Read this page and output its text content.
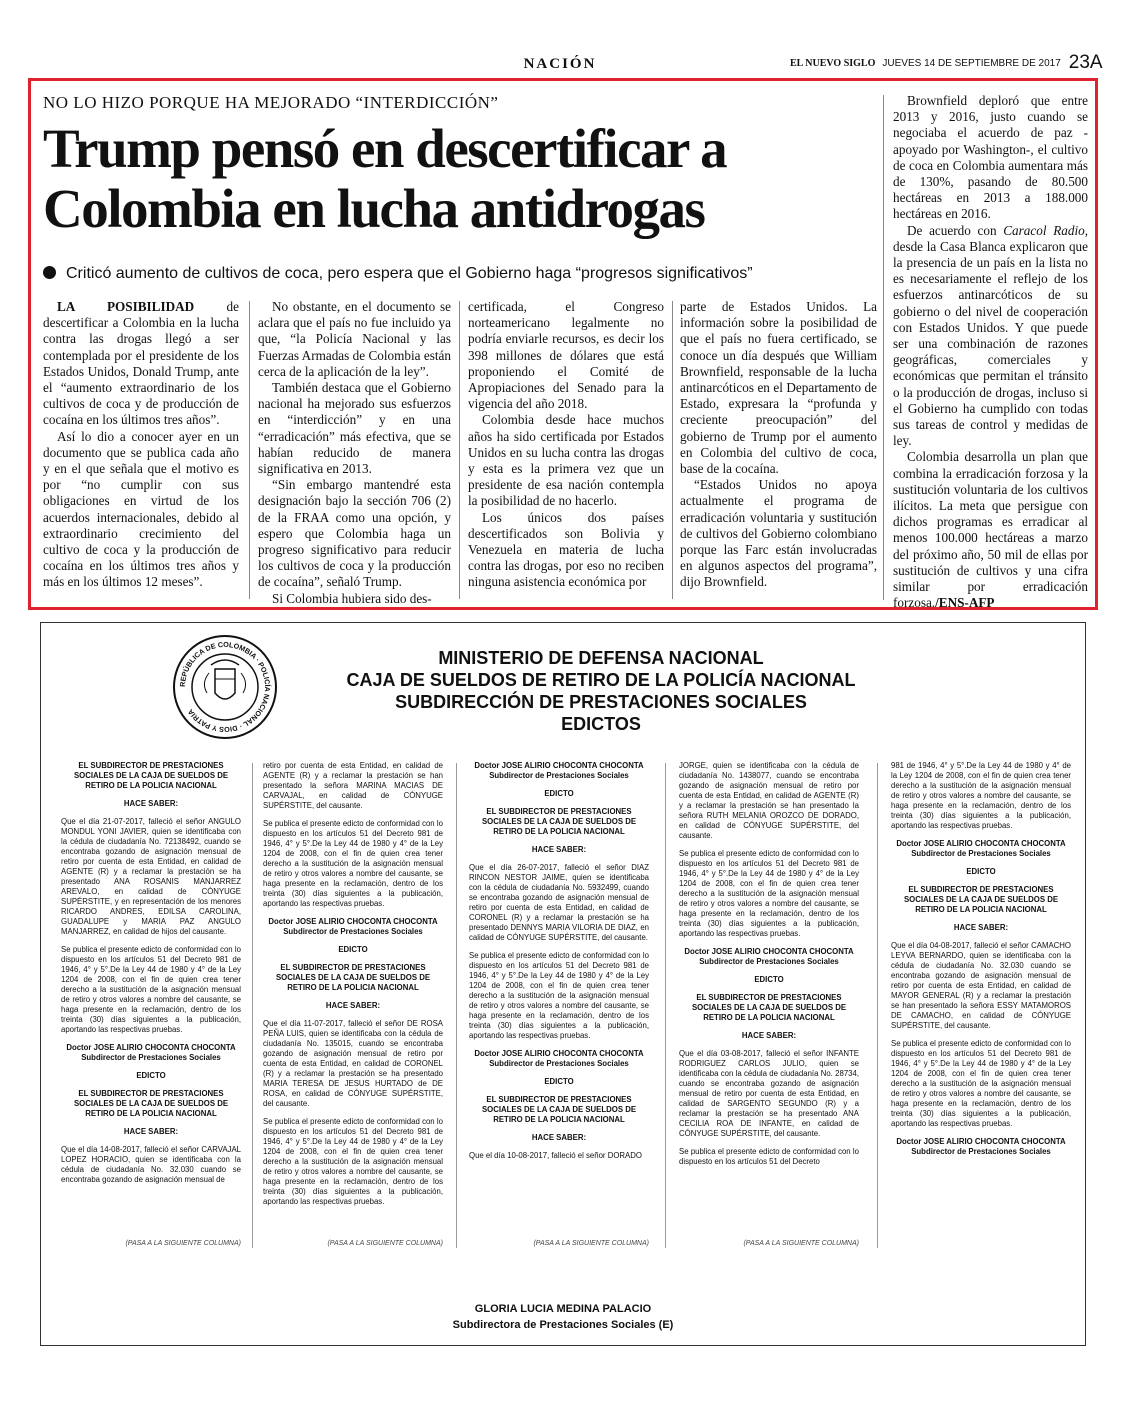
NACIÓN	EL NUEVO SIGLO JUEVES 14 DE SEPTIEMBRE DE 2017 23A
NO LO HIZO PORQUE HA MEJORADO “INTERDICCIÓN”
Trump pensó en descertificar a Colombia en lucha antidrogas
Criticó aumento de cultivos de coca, pero espera que el Gobierno haga “progresos significativos”

LA POSIBILIDAD de descertificar a Colombia en la lucha contra las drogas llegó a ser contemplada por el presidente de los Estados Unidos, Donald Trump, ante el “aumento extraordinario de los cultivos de coca y de producción de cocaína en los últimos tres años”.

Así lo dio a conocer ayer en un documento que se publica cada año y en el que señala que el motivo es por “no cumplir con sus obligaciones en virtud de los acuerdos internacionales, debido al extraordinario crecimiento del cultivo de coca y la producción de cocaína en los últimos tres años y más en los últimos 12 meses”.

No obstante, en el documento se aclara que el país no fue incluido ya que, “la Policía Nacional y las Fuerzas Armadas de Colombia están cerca de la aplicación de la ley”.

También destaca que el Gobierno nacional ha mejorado sus esfuerzos en “interdicción” y en una “erradicación” más efectiva, que se habían reducido de manera significativa en 2013.

“Sin embargo mantendré esta designación bajo la sección 706 (2) de la FRAA como una opción, y espero que Colombia haga un progreso significativo para reducir los cultivos de coca y la producción de cocaína”, señaló Trump.

Si Colombia hubiera sido des-

certificada, el Congreso norteamericano legalmente no podría enviarle recursos, es decir los 398 millones de dólares que está proponiendo el Comité de Apropiaciones del Senado para la vigencia del año 2018.

Colombia desde hace muchos años ha sido certificada por Estados Unidos en su lucha contra las drogas y esta es la primera vez que un presidente de esa nación contempla la posibilidad de no hacerlo.

Los únicos dos países descertificados son Bolivia y Venezuela en materia de lucha contra las drogas, por eso no reciben ninguna asistencia económica por

parte de Estados Unidos. La información sobre la posibilidad de que el país no fuera certificado, se conoce un día después que William Brownfield, responsable de la lucha antinarcóticos en el Departamento de Estado, expresara la “profunda y creciente preocupación” del gobierno de Trump por el aumento en Colombia del cultivo de coca, base de la cocaína.

“Estados Unidos no apoya actualmente el programa de erradicación voluntaria y sustitución de cultivos del Gobierno colombiano porque las Farc están involucradas en algunos aspectos del programa”, dijo Brownfield.

Brownfield deploró que entre 2013 y 2016, justo cuando se negociaba el acuerdo de paz -apoyado por Washington-, el cultivo de coca en Colombia aumentara más de 130%, pasando de 80.500 hectáreas en 2013 a 188.000 hectáreas en 2016.

De acuerdo con Caracol Radio, desde la Casa Blanca explicaron que la presencia de un país en la lista no es necesariamente el reflejo de los esfuerzos antinarcóticos de su gobierno o del nivel de cooperación con Estados Unidos. Y que puede ser una combinación de razones geográficas, comerciales y económicas que permitan el tránsito o la producción de drogas, incluso si el Gobierno ha cumplido con todas sus tareas de control y medidas de ley.

Colombia desarrolla un plan que combina la erradicación forzosa y la sustitución voluntaria de los cultivos ilícitos. La meta que persigue con dichos programas es erradicar al menos 100.000 hectáreas a marzo del próximo año, 50 mil de ellas por sustitución de cultivos y una cifra similar por erradicación forzosa./ENS-AFP

REPÚBLICA DE COLOMBIA · POLICÍA NACIONAL · DIOS Y PATRIA
MINISTERIO DE DEFENSA NACIONAL
CAJA DE SUELDOS DE RETIRO DE LA POLICÍA NACIONAL
SUBDIRECCIÓN DE PRESTACIONES SOCIALES
EDICTOS

EL SUBDIRECTOR DE PRESTACIONES SOCIALES DE LA CAJA DE SUELDOS DE RETIRO DE LA POLICIA NACIONAL

HACE SABER:

Que el día 21-07-2017, falleció el señor ANGULO MONDUL YONI JAVIER, quien se identificaba con la cédula de ciudadanía No. 72138492, cuando se encontraba gozando de asignación mensual de retiro por cuenta de esta Entidad, en calidad de AGENTE (R) y a reclamar la prestación se ha presentado ANA ROSANIS MANJARREZ AREVALO, en calidad de CÓNYUGE SUPÉRSTITE, y en representación de los menores RICARDO ANDRES, EDILSA CAROLINA, GUADALUPE y MARIA PAZ ANGULO MANJARREZ, en calidad de hijos del causante.

Se publica el presente edicto de conformidad con lo dispuesto en los artículos 51 del Decreto 981 de 1946, 4° y 5°.De la Ley 44 de 1980 y 4° de la Ley 1204 de 2008, con el fin de quien crea tener derecho a la sustitución de la asignación mensual de retiro y otros valores a nombre del causante, se haga presente en la reclamación, dentro de los treinta (30) días siguientes a la publicación, aportando las respectivas pruebas.

Doctor JOSE ALIRIO CHOCONTA CHOCONTA
Subdirector de Prestaciones Sociales

EDICTO

EL SUBDIRECTOR DE PRESTACIONES SOCIALES DE LA CAJA DE SUELDOS DE RETIRO DE LA POLICIA NACIONAL

HACE SABER:

Que el día 14-08-2017, falleció el señor CARVAJAL LOPEZ HORACIO, quien se identificaba con la cédula de ciudadanía No. 32.030 cuando se encontraba gozando de asignación mensual de

(PASA A LA SIGUIENTE COLUMNA)

retiro por cuenta de esta Entidad, en calidad de AGENTE (R) y a reclamar la prestación se han presentado la señora MARINA MACIAS DE CARVAJAL, en calidad de CÓNYUGE SUPÉRSTITE, del causante.

Se publica el presente edicto de conformidad con lo dispuesto en los artículos 51 del Decreto 981 de 1946, 4° y 5°.De la Ley 44 de 1980 y 4° de la Ley 1204 de 2008, con el fin de quien crea tener derecho a la sustitución de la asignación mensual de retiro y otros valores a nombre del causante, se haga presente en la reclamación, dentro de los treinta (30) días siguientes a la publicación, aportando las respectivas pruebas.

Doctor JOSE ALIRIO CHOCONTA CHOCONTA
Subdirector de Prestaciones Sociales

EDICTO

EL SUBDIRECTOR DE PRESTACIONES SOCIALES DE LA CAJA DE SUELDOS DE RETIRO DE LA POLICIA NACIONAL

HACE SABER:

Que el día 11-07-2017, falleció el señor DE ROSA PEÑA LUIS, quien se identificaba con la cédula de ciudadanía No. 135015, cuando se encontraba gozando de asignación mensual de retiro por cuenta de esta Entidad, en calidad de CORONEL (R) y a reclamar la prestación se ha presentado MARIA TERESA DE JESUS HURTADO de DE ROSA, en calidad de CÓNYUGE SUPÉRSTITE, del causante.

Se publica el presente edicto de conformidad con lo dispuesto en los artículos 51 del Decreto 981 de 1946, 4° y 5°.De la Ley 44 de 1980 y 4° de la Ley 1204 de 2008, con el fin de quien crea tener derecho a la sustitución de la asignación mensual de retiro y otros valores a nombre del causante, se haga presente en la reclamación, dentro de los treinta (30) días siguientes a la publicación, aportando las respectivas pruebas.

(PASA A LA SIGUIENTE COLUMNA)
Doctor JOSE ALIRIO CHOCONTA CHOCONTA
Subdirector de Prestaciones Sociales

EDICTO

EL SUBDIRECTOR DE PRESTACIONES SOCIALES DE LA CAJA DE SUELDOS DE RETIRO DE LA POLICIA NACIONAL

HACE SABER:

Que el día 26-07-2017, falleció el señor DIAZ RINCON NESTOR JAIME, quien se identificaba con la cédula de ciudadanía No. 5932499, cuando se encontraba gozando de asignación mensual de retiro por cuenta de esta Entidad, en calidad de CORONEL (R) y a reclamar la prestación se ha presentado DENNYS MARIA VILORIA DE DIAZ, en calidad de CÓNYUGE SUPÉRSTITE, del causante.

Se publica el presente edicto de conformidad con lo dispuesto en los artículos 51 del Decreto 981 de 1946, 4° y 5°.De la Ley 44 de 1980 y 4° de la Ley 1204 de 2008, con el fin de quien crea tener derecho a la sustitución de la asignación mensual de retiro y otros valores a nombre del causante, se haga presente en la reclamación, dentro de los treinta (30) días siguientes a la publicación, aportando las respectivas pruebas.

Doctor JOSE ALIRIO CHOCONTA CHOCONTA
Subdirector de Prestaciones Sociales

EDICTO

EL SUBDIRECTOR DE PRESTACIONES SOCIALES DE LA CAJA DE SUELDOS DE RETIRO DE LA POLICIA NACIONAL

HACE SABER:

Que el día 10-08-2017, falleció el señor DORADO

(PASA A LA SIGUIENTE COLUMNA)

JORGE, quien se identificaba con la cédula de ciudadanía No. 1438077, cuando se encontraba gozando de asignación mensual de retiro por cuenta de esta Entidad, en calidad de AGENTE (R) y a reclamar la prestación se han presentado la señora RUTH MELANIA OROZCO DE DORADO, en calidad de CÓNYUGE SUPÉRSTITE, del causante.

Se publica el presente edicto de conformidad con lo dispuesto en los artículos 51 del Decreto 981 de 1946, 4° y 5°.De la Ley 44 de 1980 y 4° de la Ley 1204 de 2008, con el fin de quien crea tener derecho a la sustitución de la asignación mensual de retiro y otros valores a nombre del causante, se haga presente en la reclamación, dentro de los treinta (30) días siguientes a la publicación, aportando las respectivas pruebas.

Doctor JOSE ALIRIO CHOCONTA CHOCONTA
Subdirector de Prestaciones Sociales

EDICTO

EL SUBDIRECTOR DE PRESTACIONES SOCIALES DE LA CAJA DE SUELDOS DE RETIRO DE LA POLICIA NACIONAL

HACE SABER:

Que el día 03-08-2017, falleció el señor INFANTE RODRIGUEZ CARLOS JULIO, quien se identificaba con la cédula de ciudadanía No. 28734, cuando se encontraba gozando de asignación mensual de retiro por cuenta de esta Entidad, en calidad de SARGENTO SEGUNDO (R) y a reclamar la prestación se ha presentado ANA CECILIA ROA DE INFANTE, en calidad de CÓNYUGE SUPÉRSTITE, del causante.

Se publica el presente edicto de conformidad con lo dispuesto en los artículos 51 del Decreto

(PASA A LA SIGUIENTE COLUMNA)

981 de 1946, 4° y 5°.De la Ley 44 de 1980 y 4° de la Ley 1204 de 2008, con el fin de quien crea tener derecho a la sustitución de la asignación mensual de retiro y otros valores a nombre del causante, se haga presente en la reclamación, dentro de los treinta (30) días siguientes a la publicación, aportando las respectivas pruebas.

Doctor JOSE ALIRIO CHOCONTA CHOCONTA
Subdirector de Prestaciones Sociales

EDICTO

EL SUBDIRECTOR DE PRESTACIONES SOCIALES DE LA CAJA DE SUELDOS DE RETIRO DE LA POLICIA NACIONAL

HACE SABER:

Que el día 04-08-2017, falleció el señor CAMACHO LEYVA BERNARDO, quien se identificaba con la cédula de ciudadanía No. 32.030 cuando se encontraba gozando de asignación mensual de retiro por cuenta de esta Entidad, en calidad de MAYOR GENERAL (R) y a reclamar la prestación se han presentado la señora ESSY MATAMOROS DE CAMACHO, en calidad de CÓNYUGE SUPÉRSTITE, del causante.

Se publica el presente edicto de conformidad con lo dispuesto en los artículos 51 del Decreto 981 de 1946, 4° y 5°.De la Ley 44 de 1980 y 4° de la Ley 1204 de 2008, con el fin de quien crea tener derecho a la sustitución de la asignación mensual de retiro y otros valores a nombre del causante, se haga presente en la reclamación, dentro de los treinta (30) días siguientes a la publicación, aportando las respectivas pruebas.

Doctor JOSE ALIRIO CHOCONTA CHOCONTA
Subdirector de Prestaciones Sociales
GLORIA LUCIA MEDINA PALACIO
Subdirectora de Prestaciones Sociales (E)
